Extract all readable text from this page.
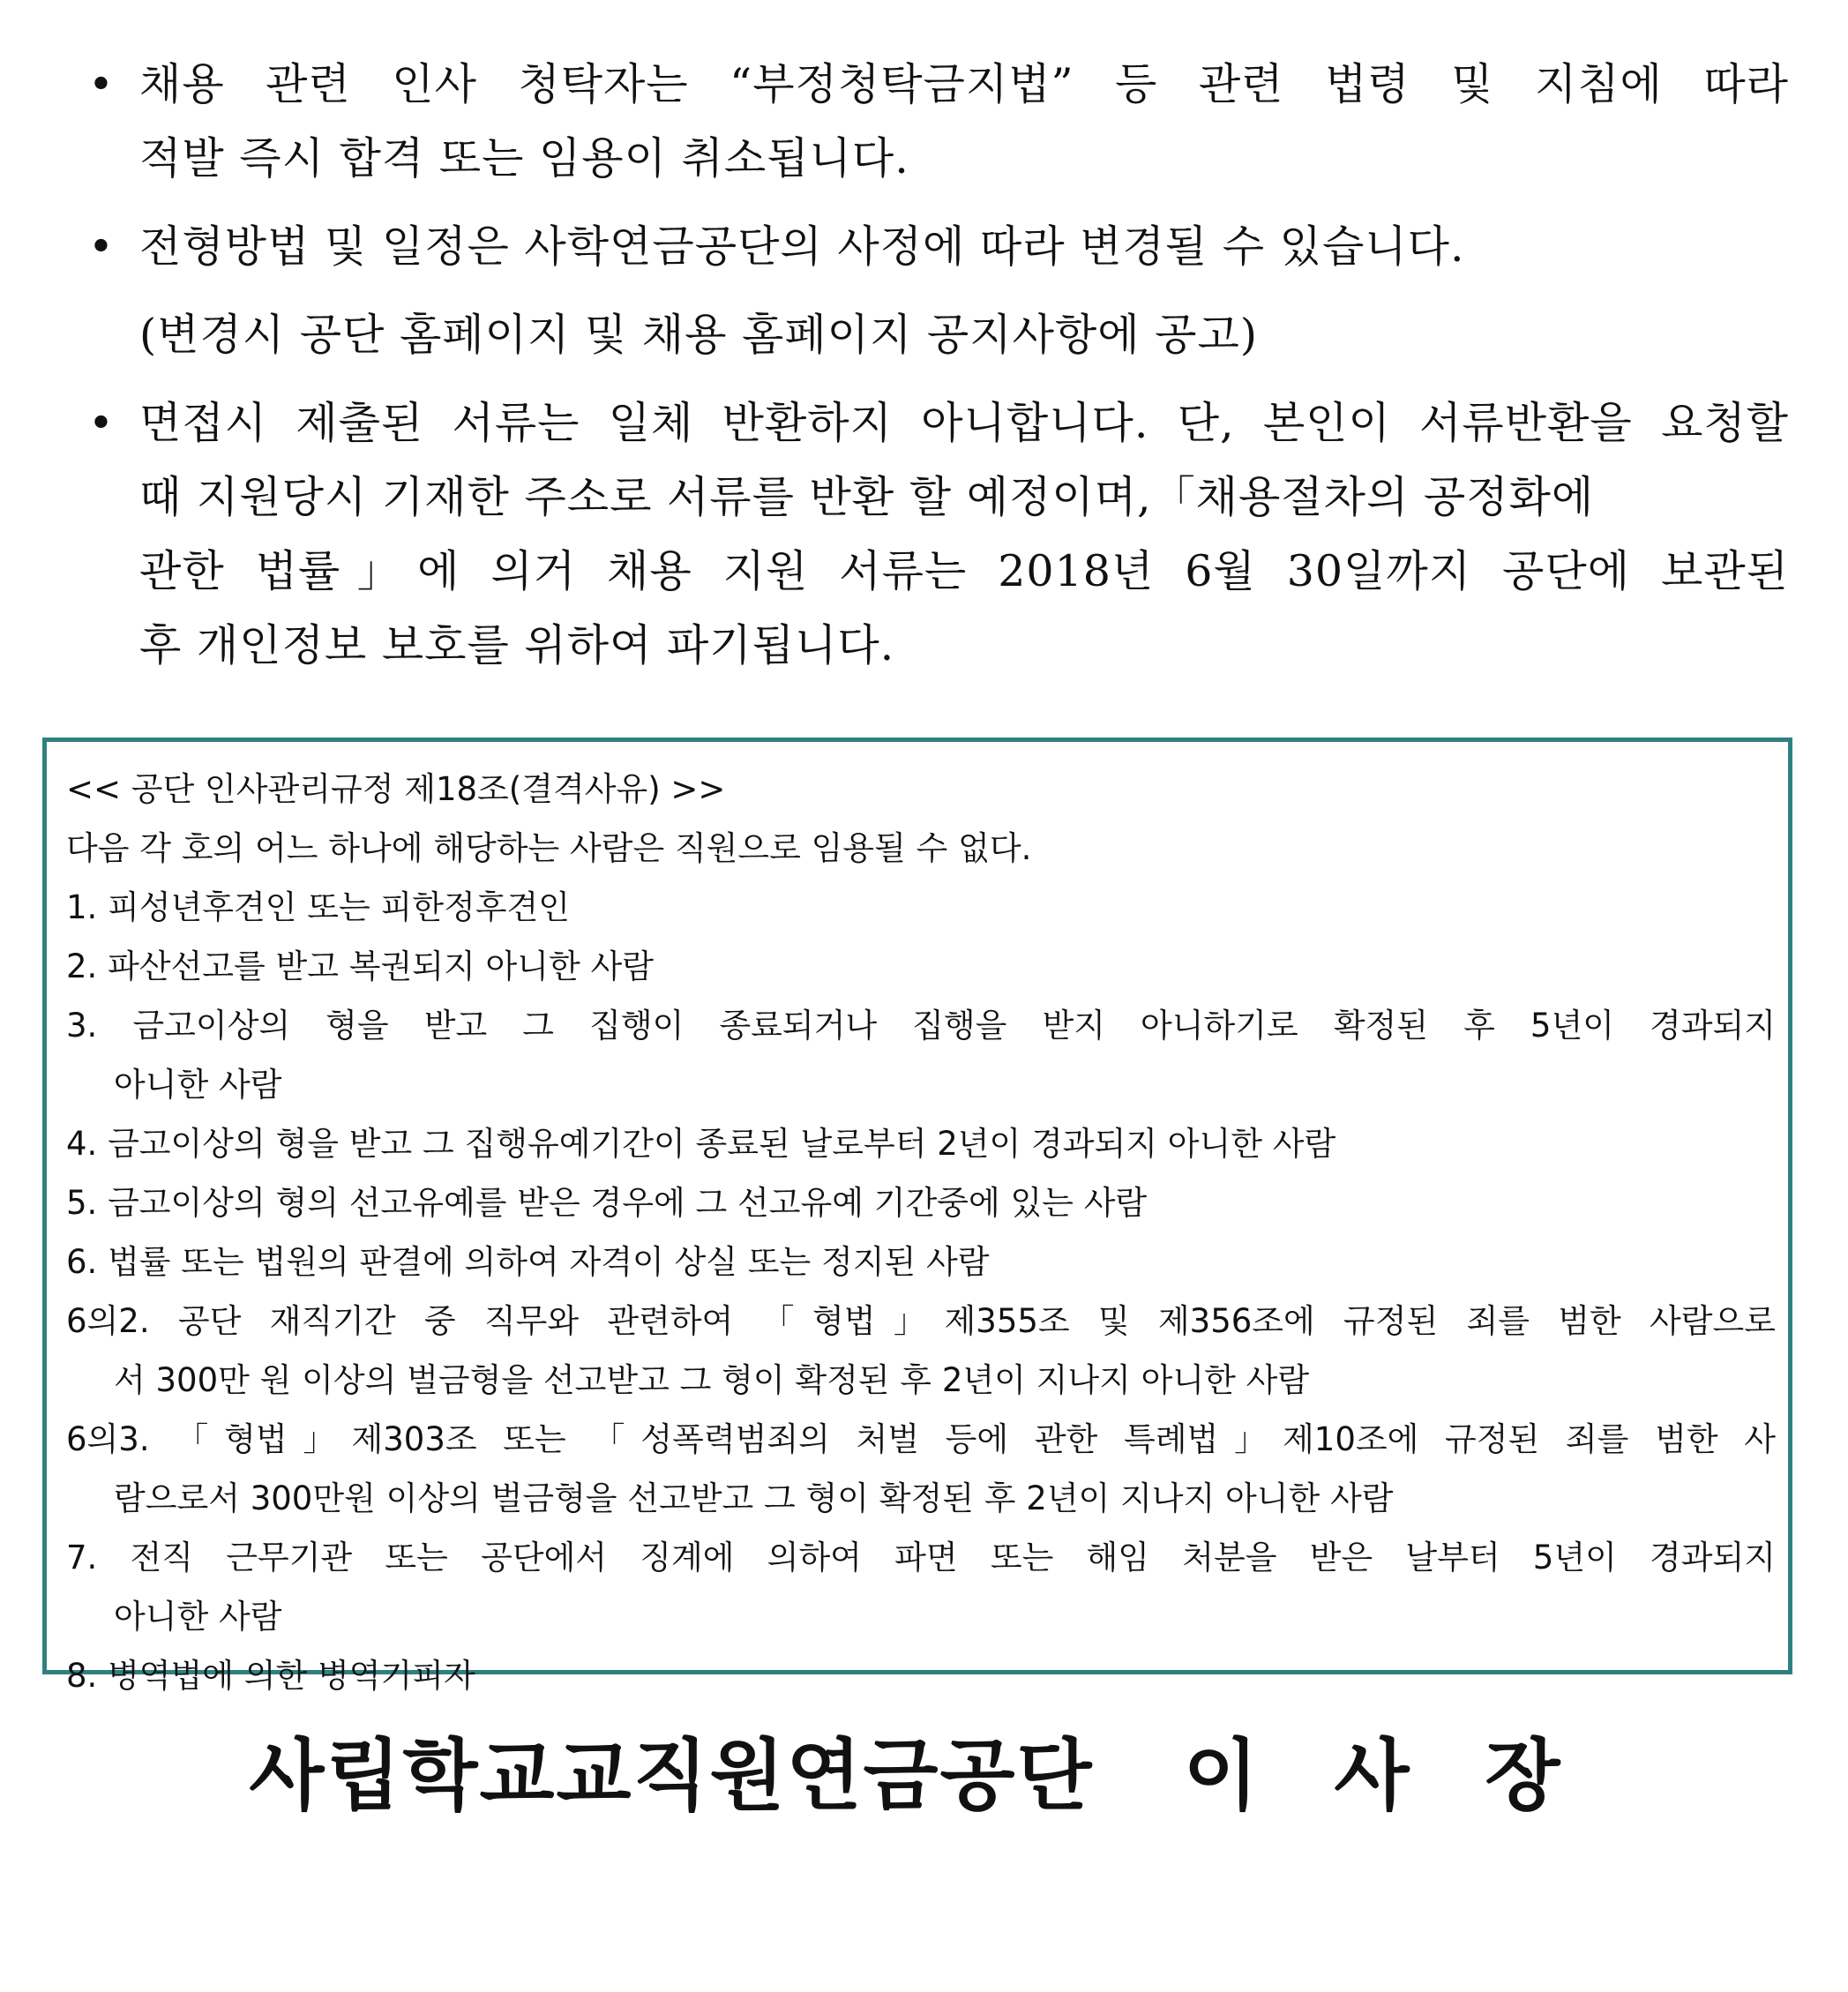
• 채용 관련 인사 청탁자는 “부정청탁금지법” 등 관련 법령 및 지침에 따라
적발 즉시 합격 또는 임용이 취소됩니다.
• 전형방법 및 일정은 사학연금공단의 사정에 따라 변경될 수 있습니다.
(변경시 공단 홈페이지 및 채용 홈페이지 공지사항에 공고)
• 면접시 제출된 서류는 일체 반환하지 아니합니다. 단, 본인이 서류반환을 요청할
때 지원당시 기재한 주소로 서류를 반환 할 예정이며,「채용절차의 공정화에
관한 법률」에 의거 채용 지원 서류는 2018년 6월 30일까지 공단에 보관된
후 개인정보 보호를 위하여 파기됩니다.
<< 공단 인사관리규정 제18조(결격사유) >>
다음 각 호의 어느 하나에 해당하는 사람은 직원으로 임용될 수 없다.
1. 피성년후견인 또는 피한정후견인
2. 파산선고를 받고 복권되지 아니한 사람
3. 금고이상의 형을 받고 그 집행이 종료되거나 집행을 받지 아니하기로 확정된 후 5년이 경과되지
아니한 사람
4. 금고이상의 형을 받고 그 집행유예기간이 종료된 날로부터 2년이 경과되지 아니한 사람
5. 금고이상의 형의 선고유예를 받은 경우에 그 선고유예 기간중에 있는 사람
6. 법률 또는 법원의 판결에 의하여 자격이 상실 또는 정지된 사람
6의2. 공단 재직기간 중 직무와 관련하여 「형법」제355조 및 제356조에 규정된 죄를 범한 사람으로
서 300만 원 이상의 벌금형을 선고받고 그 형이 확정된 후 2년이 지나지 아니한 사람
6의3. 「형법」제303조 또는 「성폭력범죄의 처벌 등에 관한 특례법」제10조에 규정된 죄를 범한 사
람으로서 300만원 이상의 벌금형을 선고받고 그 형이 확정된 후 2년이 지나지 아니한 사람
7. 전직 근무기관 또는 공단에서 징계에 의하여 파면 또는 해임 처분을 받은 날부터 5년이 경과되지
아니한 사람
8. 병역법에 의한 병역기피자
사립학교교직원연금공단 이 사 장
